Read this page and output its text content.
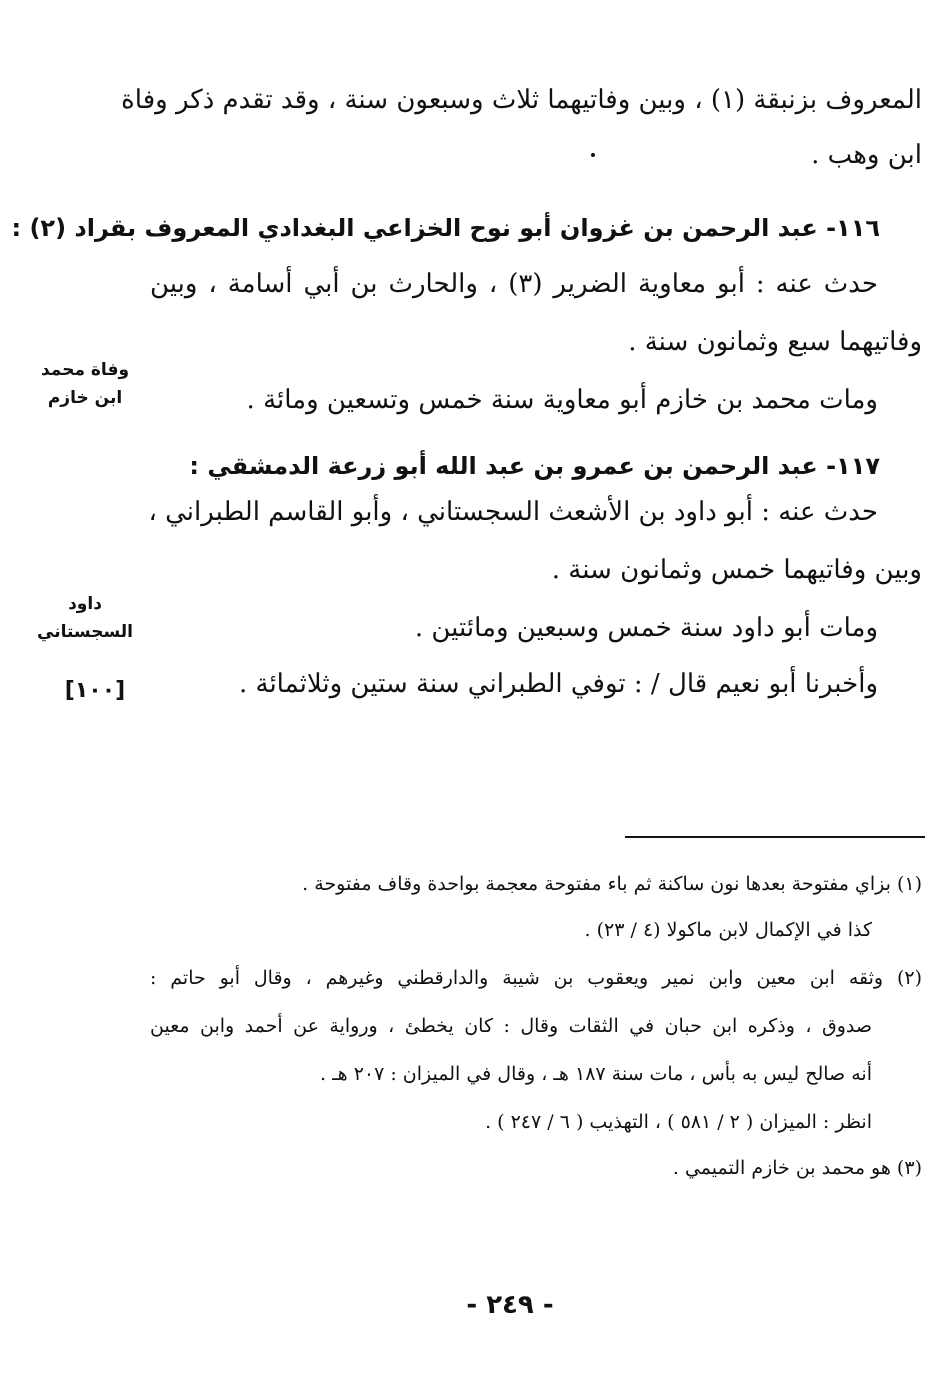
المعروف بزنبقة (١) ، وبين وفاتيهما ثلاث وسبعون سنة ، وقد تقدم ذكر وفاة
ابن وهب .
١١٦- عبد الرحمن بن غزوان أبو نوح الخزاعي البغدادي المعروف بقراد (٢) :
حدث عنه : أبو معاوية الضرير (٣) ، والحارث بن أبي أسامة ، وبين
وفاتيهما سبع وثمانون سنة .
ومات محمد بن خازم أبو معاوية سنة خمس وتسعين ومائة .
١١٧- عبد الرحمن بن عمرو بن عبد الله أبو زرعة الدمشقي :
حدث عنه : أبو داود بن الأشعث السجستاني ، وأبو القاسم الطبراني ،
وبين وفاتيهما خمس وثمانون سنة .
ومات أبو داود سنة خمس وسبعين ومائتين .
وأخبرنا أبو نعيم قال / : توفي الطبراني سنة ستين وثلاثمائة .
وفاة محمد
ابن خازم
داود
السجستاني
[١٠٠]
(١) بزاي مفتوحة بعدها نون ساكنة ثم باء مفتوحة معجمة بواحدة وقاف مفتوحة .
كذا في الإكمال لابن ماكولا (٤ / ٢٣) .
(٢) وثقه ابن معين وابن نمير ويعقوب بن شيبة والدارقطني وغيرهم ، وقال أبو حاتم :
صدوق ، وذكره ابن حبان في الثقات وقال : كان يخطئ ، ورواية عن أحمد وابن معين
أنه صالح ليس به بأس ، مات سنة ١٨٧ هـ ، وقال في الميزان : ٢٠٧ هـ .
انظر : الميزان ( ٢ / ٥٨١ ) ، التهذيب ( ٦ / ٢٤٧ ) .
(٣) هو محمد بن خازم التميمي .
- ٢٤٩ -
